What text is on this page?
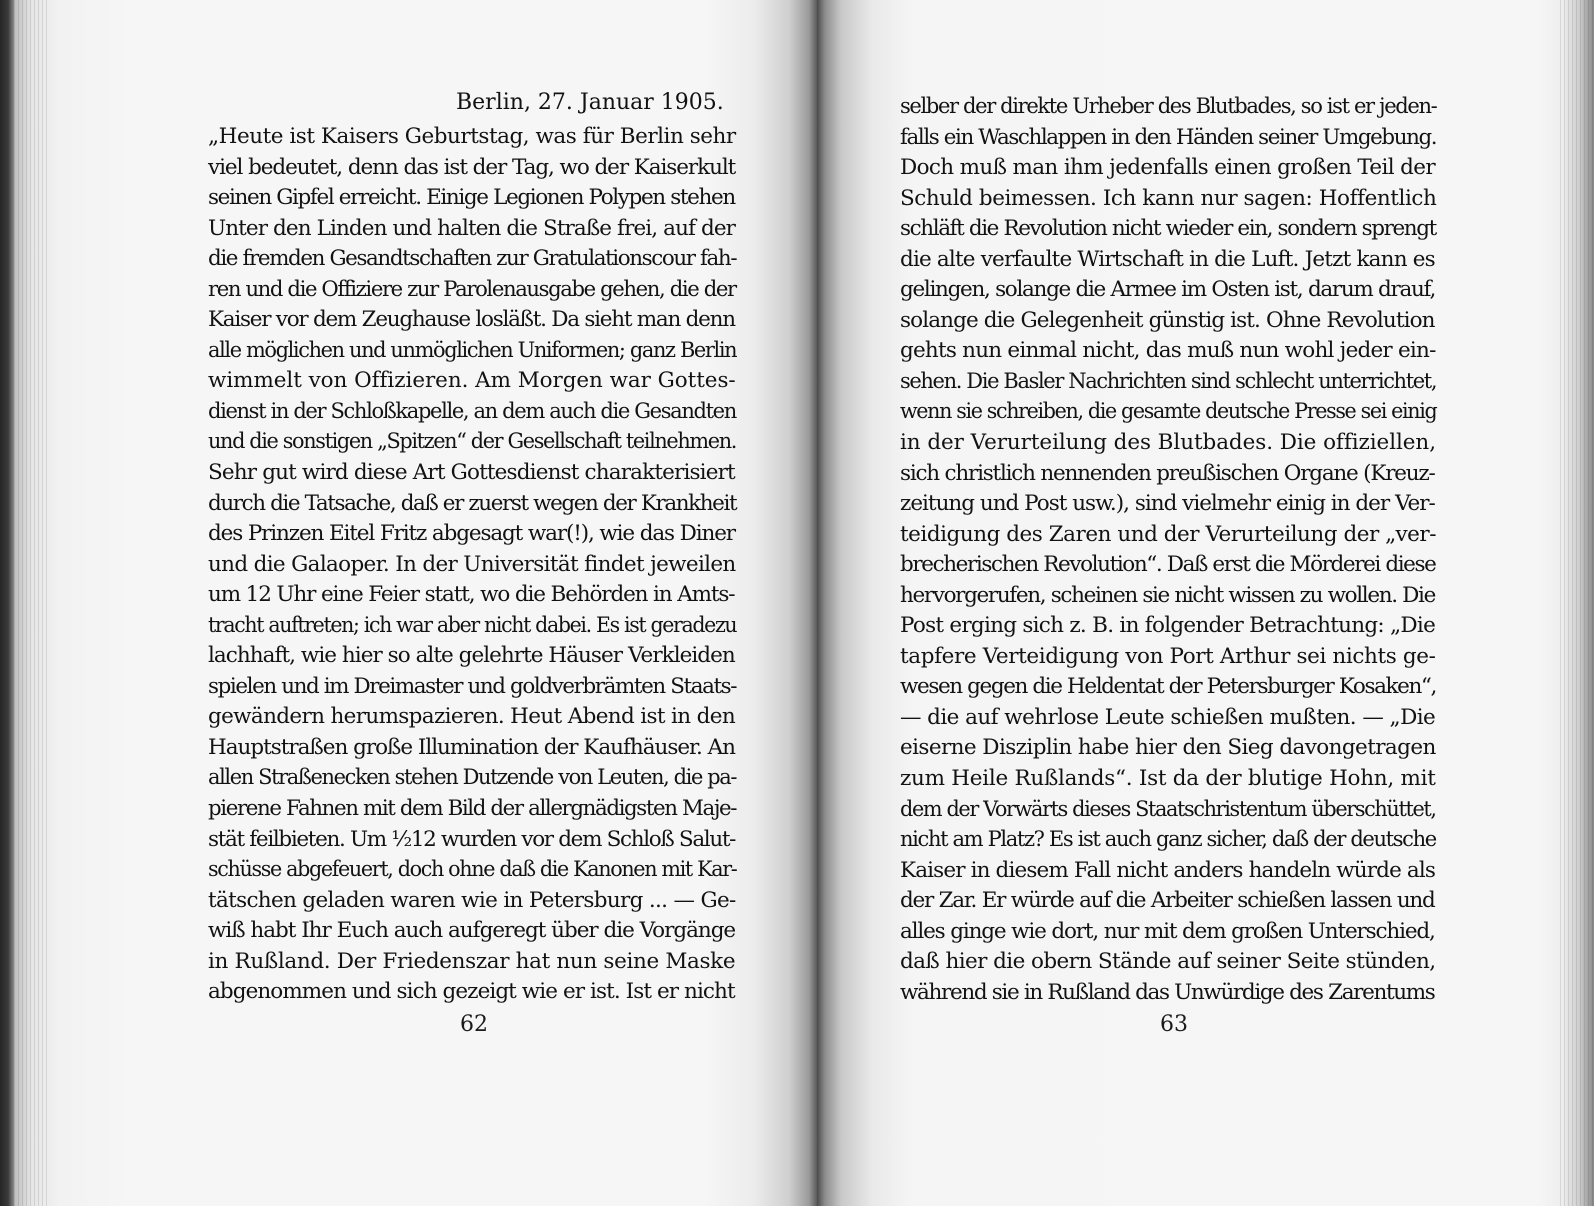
Berlin, 27. Januar 1905.
„Heute ist Kaisers Geburtstag, was für Berlin sehr
viel bedeutet, denn das ist der Tag, wo der Kaiserkult
seinen Gipfel erreicht. Einige Legionen Polypen stehen
Unter den Linden und halten die Straße frei, auf der
die fremden Gesandtschaften zur Gratulationscour fah-
ren und die Offiziere zur Parolenausgabe gehen, die der
Kaiser vor dem Zeughause losläßt. Da sieht man denn
alle möglichen und unmöglichen Uniformen; ganz Berlin
wimmelt von Offizieren. Am Morgen war Gottes-
dienst in der Schloßkapelle, an dem auch die Gesandten
und die sonstigen „Spitzen“ der Gesellschaft teilnehmen.
Sehr gut wird diese Art Gottesdienst charakterisiert
durch die Tatsache, daß er zuerst wegen der Krankheit
des Prinzen Eitel Fritz abgesagt war(!), wie das Diner
und die Galaoper. In der Universität findet jeweilen
um 12 Uhr eine Feier statt, wo die Behörden in Amts-
tracht auftreten; ich war aber nicht dabei. Es ist geradezu
lachhaft, wie hier so alte gelehrte Häuser Verkleiden
spielen und im Dreimaster und goldverbrämten Staats-
gewändern herumspazieren. Heut Abend ist in den
Hauptstraßen große Illumination der Kaufhäuser. An
allen Straßenecken stehen Dutzende von Leuten, die pa-
pierene Fahnen mit dem Bild der allergnädigsten Maje-
stät feilbieten. Um ½12 wurden vor dem Schloß Salut-
schüsse abgefeuert, doch ohne daß die Kanonen mit Kar-
tätschen geladen waren wie in Petersburg ... — Ge-
wiß habt Ihr Euch auch aufgeregt über die Vorgänge
in Rußland. Der Friedenszar hat nun seine Maske
abgenommen und sich gezeigt wie er ist. Ist er nicht
62
selber der direkte Urheber des Blutbades, so ist er jeden-
falls ein Waschlappen in den Händen seiner Umgebung.
Doch muß man ihm jedenfalls einen großen Teil der
Schuld beimessen. Ich kann nur sagen: Hoffentlich
schläft die Revolution nicht wieder ein, sondern sprengt
die alte verfaulte Wirtschaft in die Luft. Jetzt kann es
gelingen, solange die Armee im Osten ist, darum drauf,
solange die Gelegenheit günstig ist. Ohne Revolution
gehts nun einmal nicht, das muß nun wohl jeder ein-
sehen. Die Basler Nachrichten sind schlecht unterrichtet,
wenn sie schreiben, die gesamte deutsche Presse sei einig
in der Verurteilung des Blutbades. Die offiziellen,
sich christlich nennenden preußischen Organe (Kreuz-
zeitung und Post usw.), sind vielmehr einig in der Ver-
teidigung des Zaren und der Verurteilung der „ver-
brecherischen Revolution“. Daß erst die Mörderei diese
hervorgerufen, scheinen sie nicht wissen zu wollen. Die
Post erging sich z. B. in folgender Betrachtung: „Die
tapfere Verteidigung von Port Arthur sei nichts ge-
wesen gegen die Heldentat der Petersburger Kosaken“,
— die auf wehrlose Leute schießen mußten. — „Die
eiserne Disziplin habe hier den Sieg davongetragen
zum Heile Rußlands“. Ist da der blutige Hohn, mit
dem der Vorwärts dieses Staatschristentum überschüttet,
nicht am Platz? Es ist auch ganz sicher, daß der deutsche
Kaiser in diesem Fall nicht anders handeln würde als
der Zar. Er würde auf die Arbeiter schießen lassen und
alles ginge wie dort, nur mit dem großen Unterschied,
daß hier die obern Stände auf seiner Seite stünden,
während sie in Rußland das Unwürdige des Zarentums
63
